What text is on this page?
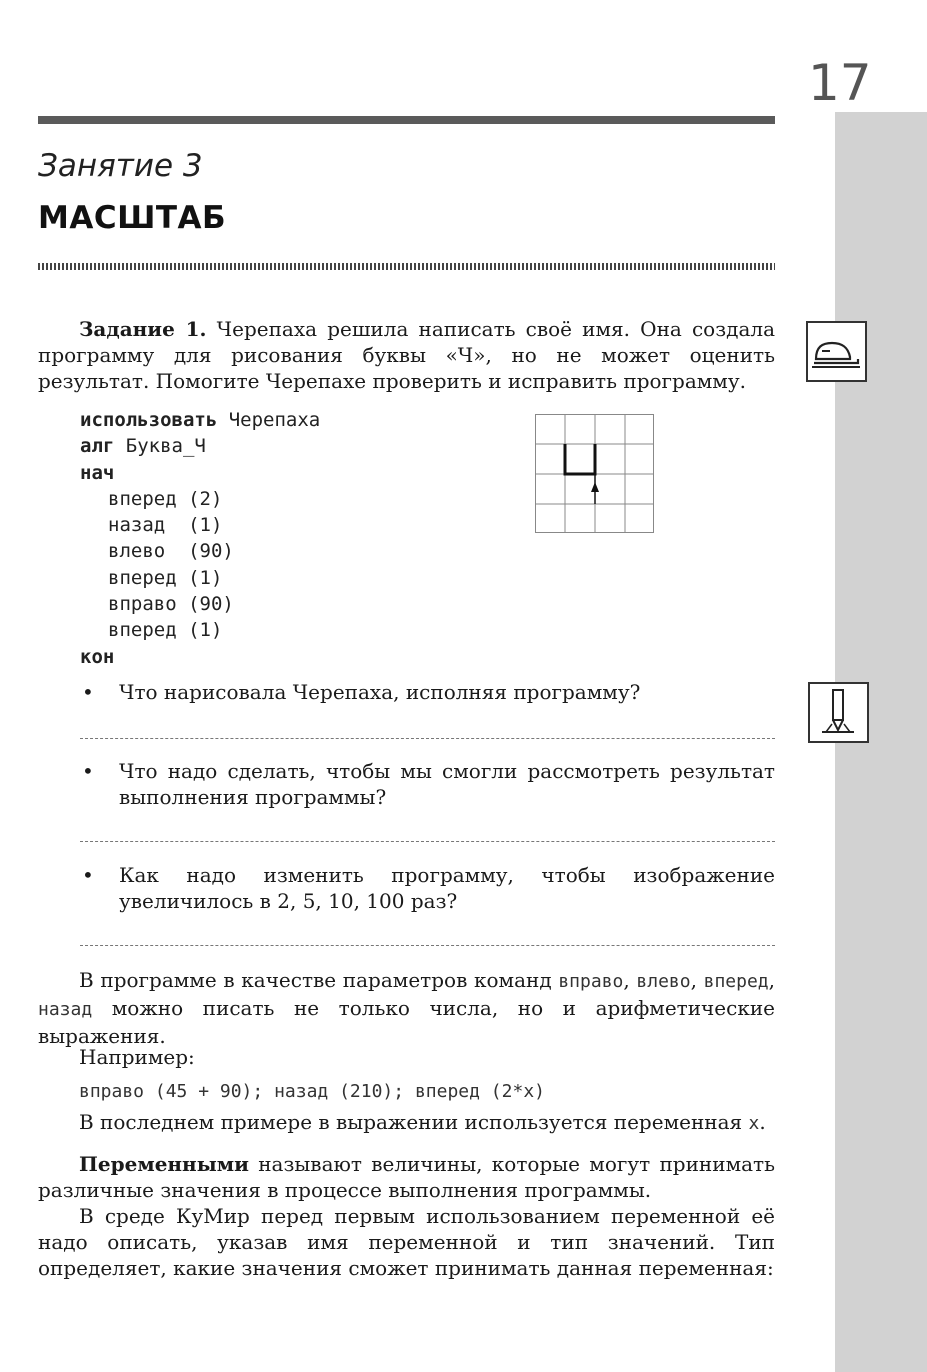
17
Занятие 3
МАСШТАБ
Задание 1. Черепаха решила написать своё имя. Она создала программу для рисования буквы «Ч», но не может оценить результат. Помогите Черепахе проверить и исправить программу.
использовать Черепаха
алг Буква_Ч
нач
вперед (2)
назад  (1)
влево  (90)
вперед (1)
вправо (90)
вперед (1)
кон
• Что нарисовала Черепаха, исполняя программу?
• Что надо сделать, чтобы мы смогли рассмотреть результат выполнения программы?
• Как надо изменить программу, чтобы изображение увеличилось в 2, 5, 10, 100 раз?
В программе в качестве параметров команд вправо, влево, вперед, назад можно писать не только числа, но и арифметические выражения.
Например:
вправо (45 + 90); назад (210); вперед (2*x)
В последнем примере в выражении используется переменная x.
Переменными называют величины, которые могут принимать различные значения в процессе выполнения программы.
В среде КуМир перед первым использованием переменной её надо описать, указав имя переменной и тип значений. Тип определяет, какие значения сможет принимать данная переменная:
